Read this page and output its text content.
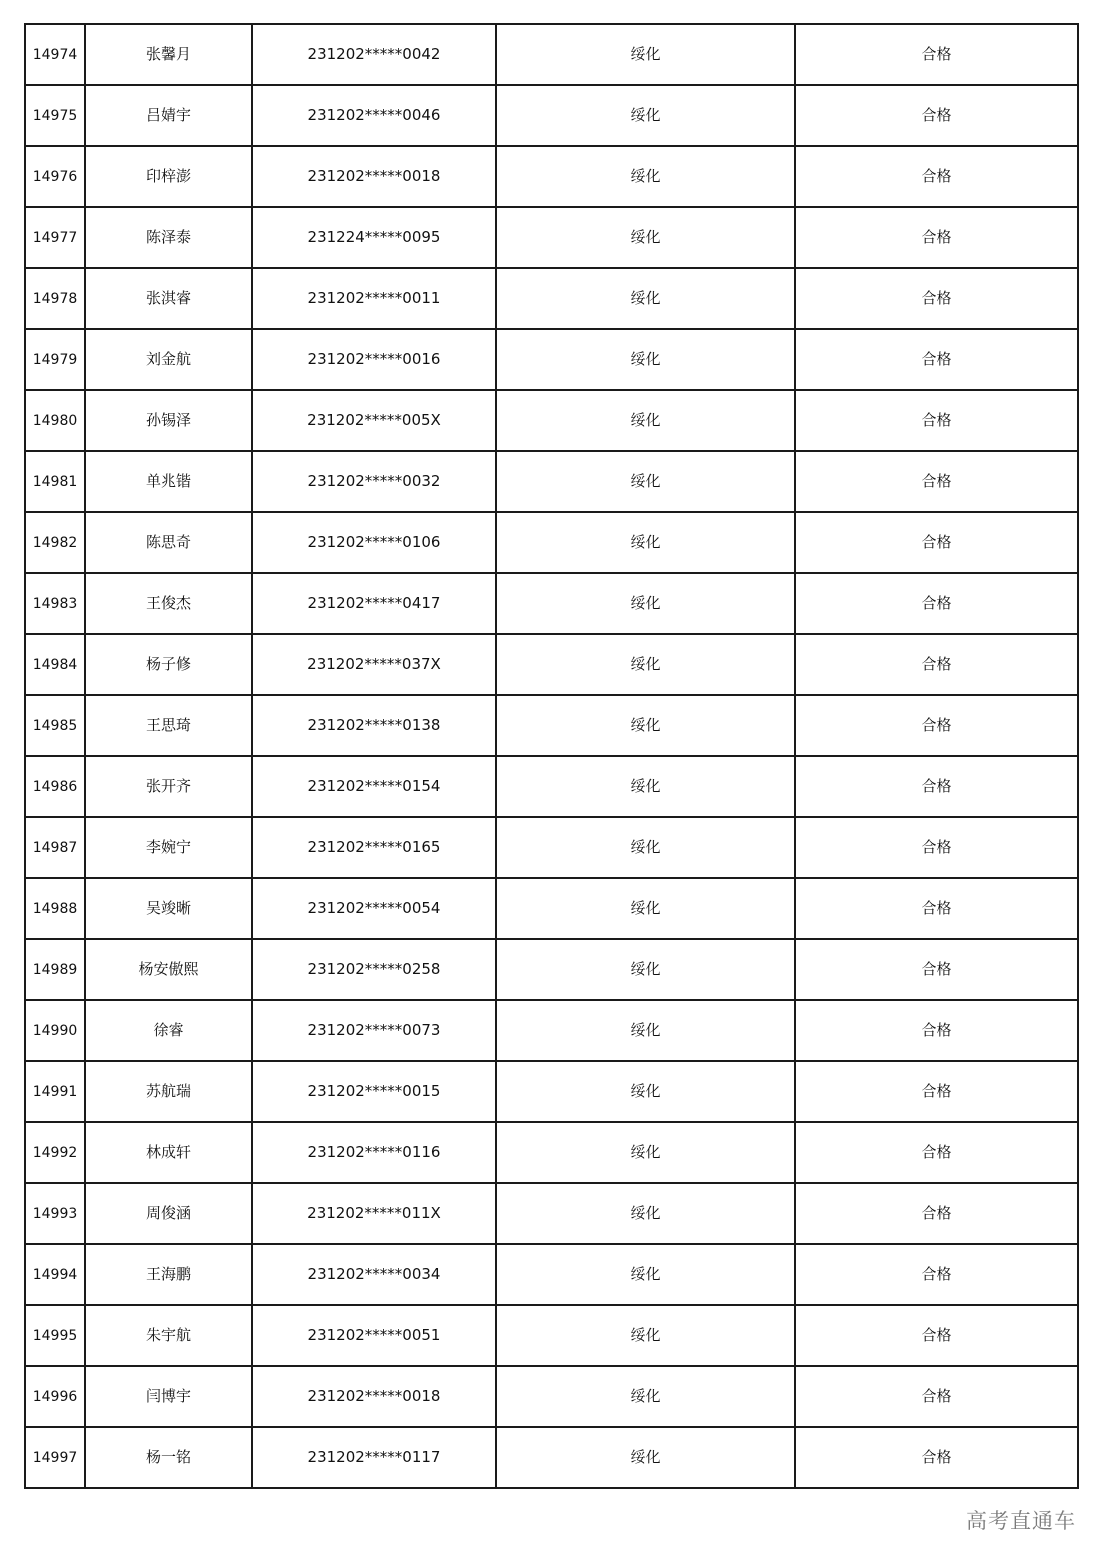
14974	张馨月	231202*****0042	绥化	合格
14975	吕婧宇	231202*****0046	绥化	合格
14976	印梓澎	231202*****0018	绥化	合格
14977	陈泽泰	231224*****0095	绥化	合格
14978	张淇睿	231202*****0011	绥化	合格
14979	刘金航	231202*****0016	绥化	合格
14980	孙锡泽	231202*****005X	绥化	合格
14981	单兆锴	231202*****0032	绥化	合格
14982	陈思奇	231202*****0106	绥化	合格
14983	王俊杰	231202*****0417	绥化	合格
14984	杨子修	231202*****037X	绥化	合格
14985	王思琦	231202*****0138	绥化	合格
14986	张开齐	231202*****0154	绥化	合格
14987	李婉宁	231202*****0165	绥化	合格
14988	吴竣晰	231202*****0054	绥化	合格
14989	杨安傲熙	231202*****0258	绥化	合格
14990	徐睿	231202*****0073	绥化	合格
14991	苏航瑞	231202*****0015	绥化	合格
14992	林成轩	231202*****0116	绥化	合格
14993	周俊涵	231202*****011X	绥化	合格
14994	王海鹏	231202*****0034	绥化	合格
14995	朱宇航	231202*****0051	绥化	合格
14996	闫博宇	231202*****0018	绥化	合格
14997	杨一铭	231202*****0117	绥化	合格
高考直通车
